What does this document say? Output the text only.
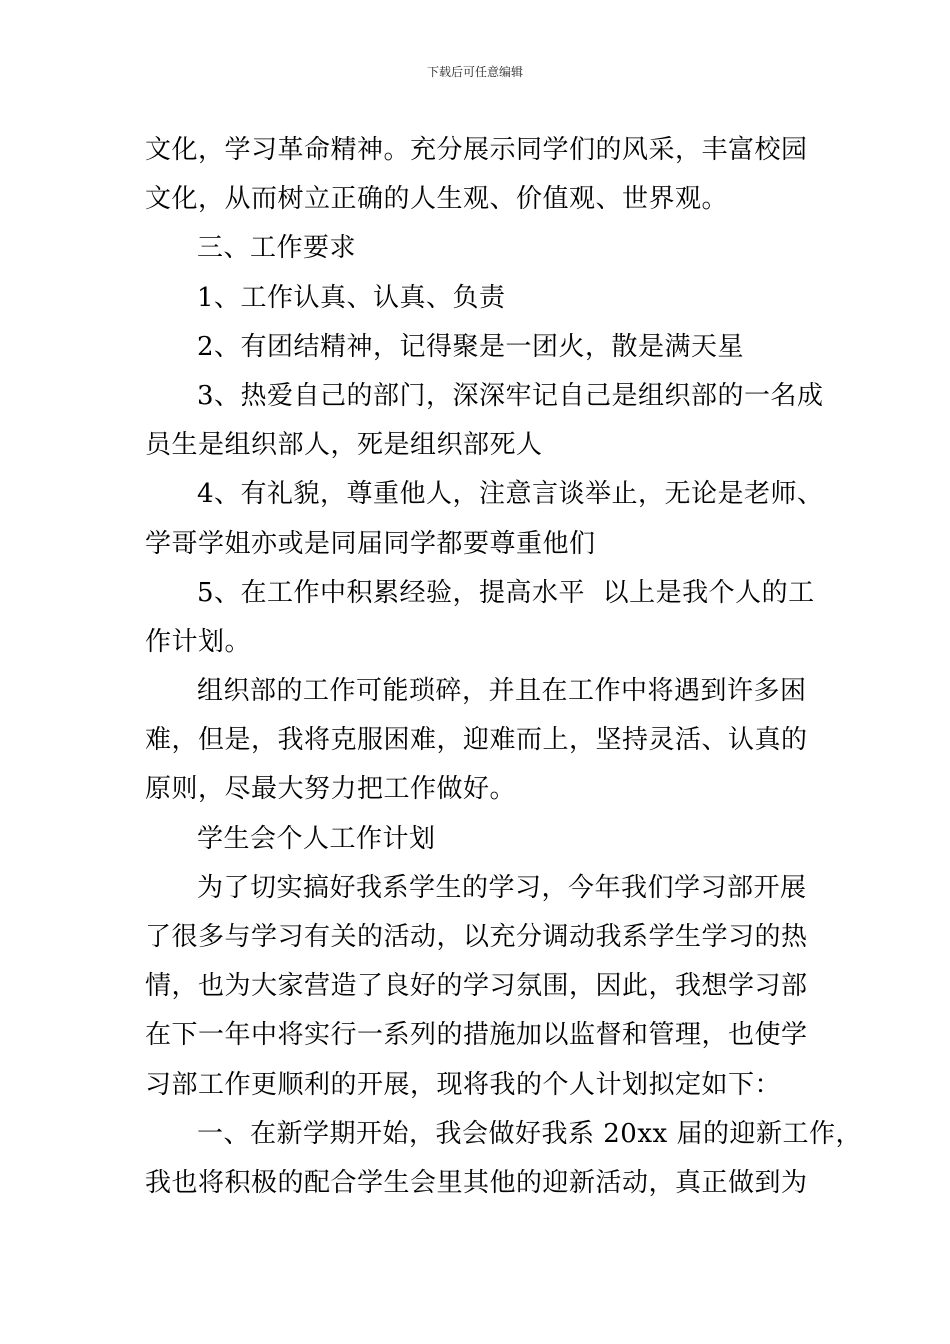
下载后可任意编辑

文化，学习革命精神。充分展示同学们的风采，丰富校园
文化，从而树立正确的人生观、价值观、世界观。

三、工作要求

1、工作认真、认真、负责

2、有团结精神，记得聚是一团火，散是满天星

3、热爱自己的部门，深深牢记自己是组织部的一名成
员生是组织部人，死是组织部死人

4、有礼貌，尊重他人，注意言谈举止，无论是老师、
学哥学姐亦或是同届同学都要尊重他们

5、在工作中积累经验，提高水平  以上是我个人的工
作计划。

组织部的工作可能琐碎，并且在工作中将遇到许多困
难，但是，我将克服困难，迎难而上，坚持灵活、认真的
原则，尽最大努力把工作做好。

学生会个人工作计划

为了切实搞好我系学生的学习，今年我们学习部开展
了很多与学习有关的活动，以充分调动我系学生学习的热
情，也为大家营造了良好的学习氛围，因此，我想学习部
在下一年中将实行一系列的措施加以监督和管理，也使学
习部工作更顺利的开展，现将我的个人计划拟定如下：

一、在新学期开始，我会做好我系 20xx 届的迎新工作，
我也将积极的配合学生会里其他的迎新活动，真正做到为
